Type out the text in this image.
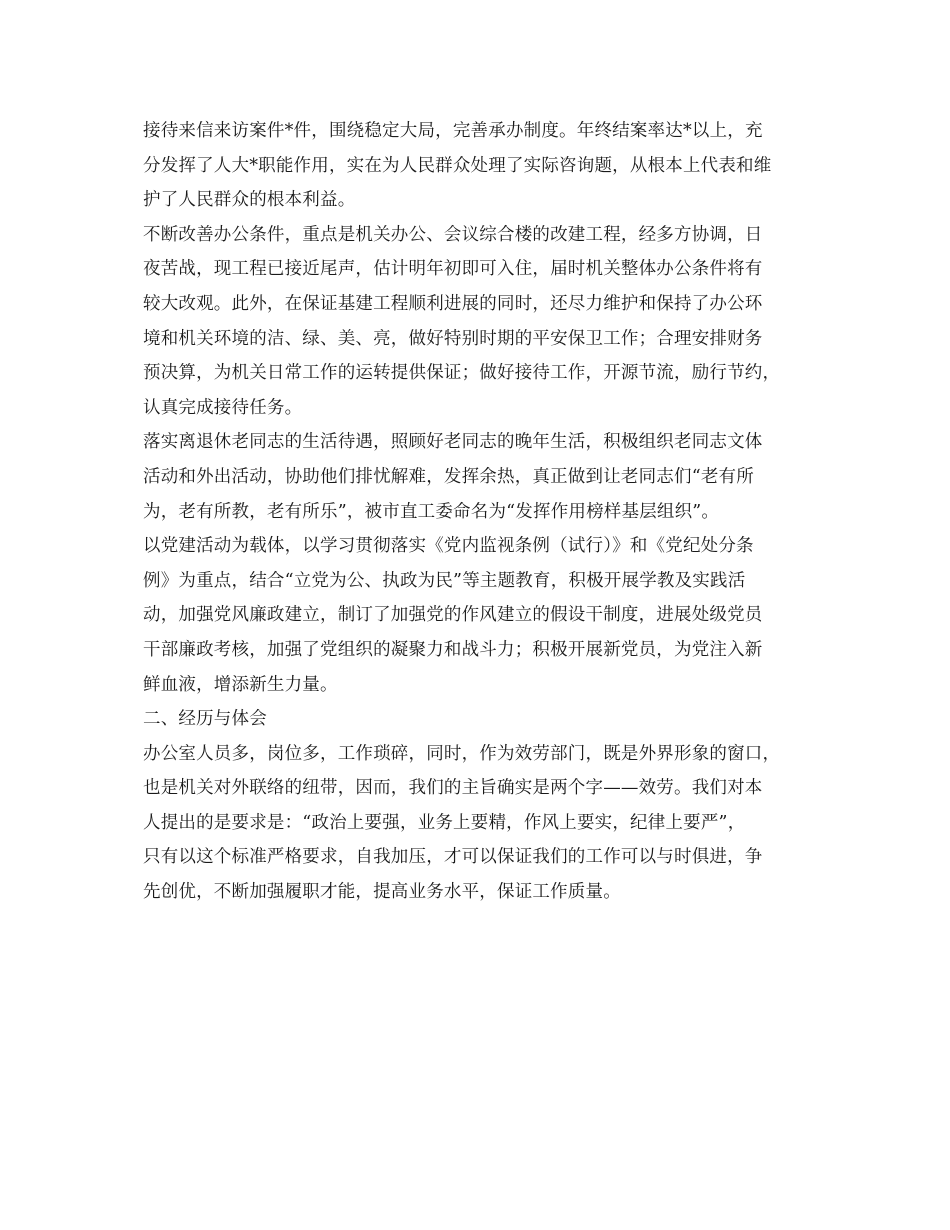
接待来信来访案件*件，围绕稳定大局，完善承办制度。年终结案率达*以上，充
分发挥了人大*职能作用，实在为人民群众处理了实际咨询题，从根本上代表和维
护了人民群众的根本利益。

不断改善办公条件，重点是机关办公、会议综合楼的改建工程，经多方协调，日
夜苦战，现工程已接近尾声，估计明年初即可入住，届时机关整体办公条件将有
较大改观。此外，在保证基建工程顺利进展的同时，还尽力维护和保持了办公环
境和机关环境的洁、绿、美、亮，做好特别时期的平安保卫工作；合理安排财务
预决算，为机关日常工作的运转提供保证；做好接待工作，开源节流，励行节约，
认真完成接待任务。

落实离退休老同志的生活待遇，照顾好老同志的晚年生活，积极组织老同志文体
活动和外出活动，协助他们排忧解难，发挥余热，真正做到让老同志们“老有所
为，老有所教，老有所乐”，被市直工委命名为“发挥作用榜样基层组织”。

以党建活动为载体，以学习贯彻落实《党内监视条例（试行）》和《党纪处分条
例》为重点，结合“立党为公、执政为民”等主题教育，积极开展学教及实践活
动，加强党风廉政建立，制订了加强党的作风建立的假设干制度，进展处级党员
干部廉政考核，加强了党组织的凝聚力和战斗力；积极开展新党员，为党注入新
鲜血液，增添新生力量。

二、经历与体会

办公室人员多，岗位多，工作琐碎，同时，作为效劳部门，既是外界形象的窗口，
也是机关对外联络的纽带，因而，我们的主旨确实是两个字——效劳。我们对本
人提出的是要求是：“政治上要强，业务上要精，作风上要实，纪律上要严”，
只有以这个标准严格要求，自我加压，才可以保证我们的工作可以与时俱进，争
先创优，不断加强履职才能，提高业务水平，保证工作质量。
